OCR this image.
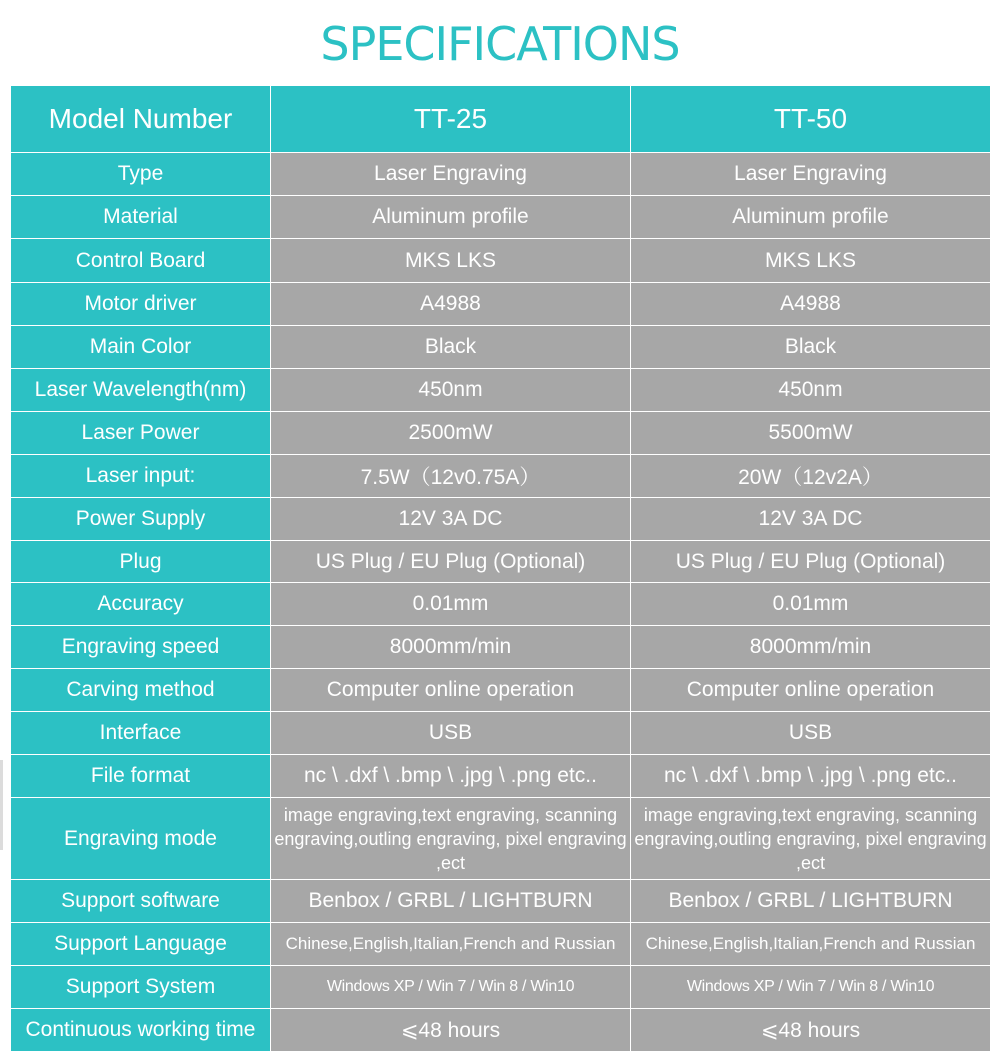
SPECIFICATIONS
Model Number	TT-25	TT-50
Type	Laser Engraving	Laser Engraving
Material	Aluminum profile	Aluminum profile
Control Board	MKS LKS	MKS LKS
Motor driver	A4988	A4988
Main Color	Black	Black
Laser Wavelength(nm)	450nm	450nm
Laser Power	2500mW	5500mW
Laser input:	7.5W（12v0.75A）	20W（12v2A）
Power Supply	12V 3A DC	12V 3A DC
Plug	US Plug / EU Plug (Optional)	US Plug / EU Plug (Optional)
Accuracy	0.01mm	0.01mm
Engraving speed	8000mm/min	8000mm/min
Carving method	Computer online operation	Computer online operation
Interface	USB	USB
File format	nc \ .dxf \ .bmp \ .jpg \ .png etc..	nc \ .dxf \ .bmp \ .jpg \ .png etc..
Engraving mode	image engraving,text engraving, scanning engraving,outling engraving, pixel engraving ,ect	image engraving,text engraving, scanning engraving,outling engraving, pixel engraving ,ect
Support software	Benbox / GRBL / LIGHTBURN	Benbox / GRBL / LIGHTBURN
Support Language	Chinese,English,Italian,French and Russian	Chinese,English,Italian,French and Russian
Support System	Windows XP / Win 7 / Win 8 / Win10	Windows XP / Win 7 / Win 8 / Win10
Continuous working time	⩽48 hours	⩽48 hours
